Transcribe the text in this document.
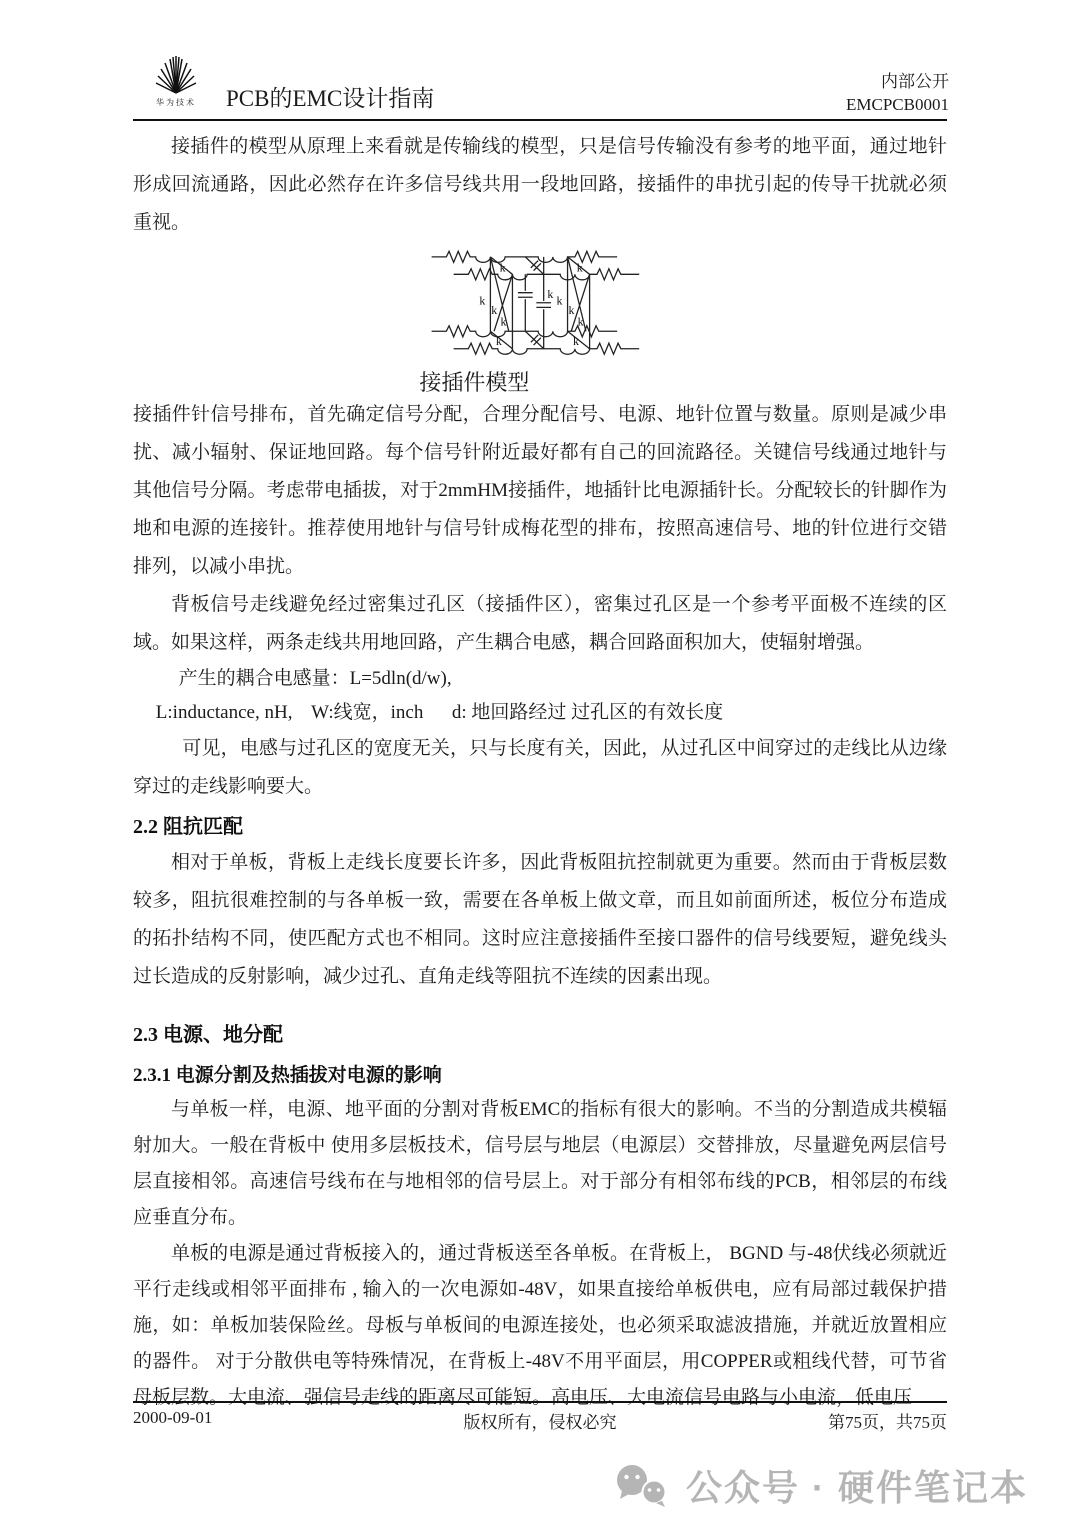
华为技术 PCB的EMC设计指南
内部公开
EMCPCB0001

接插件的模型从原理上来看就是传输线的模型，只是信号传输没有参考的地平面，通过地针形成回流通路，因此必然存在许多信号线共用一段地回路，接插件的串扰引起的传导干扰就必须重视。

k
k
k
k
k
k
k k
k
k
k
接插件模型

接插件针信号排布，首先确定信号分配，合理分配信号、电源、地针位置与数量。原则是减少串扰、减小辐射、保证地回路。每个信号针附近最好都有自己的回流路径。关键信号线通过地针与其他信号分隔。考虑带电插拔，对于2mmHM接插件，地插针比电源插针长。分配较长的针脚作为地和电源的连接针。推荐使用地针与信号针成梅花型的排布，按照高速信号、地的针位进行交错排列，以减小串扰。

背板信号走线避免经过密集过孔区（接插件区），密集过孔区是一个参考平面极不连续的区域。如果这样，两条走线共用地回路，产生耦合电感，耦合回路面积加大，使辐射增强。

产生的耦合电感量：L=5dln(d/w),

L:inductance, nH,    W:线宽，inch      d: 地回路经过 过孔区的有效长度

可见，电感与过孔区的宽度无关，只与长度有关，因此，从过孔区中间穿过的走线比从边缘穿过的走线影响要大。

2.2 阻抗匹配

相对于单板，背板上走线长度要长许多，因此背板阻抗控制就更为重要。然而由于背板层数较多，阻抗很难控制的与各单板一致，需要在各单板上做文章，而且如前面所述，板位分布造成的拓扑结构不同，使匹配方式也不相同。这时应注意接插件至接口器件的信号线要短，避免线头过长造成的反射影响，减少过孔、直角走线等阻抗不连续的因素出现。

2.3 电源、地分配
2.3.1 电源分割及热插拔对电源的影响

与单板一样，电源、地平面的分割对背板EMC的指标有很大的影响。不当的分割造成共模辐射加大。一般在背板中 使用多层板技术，信号层与地层（电源层）交替排放，尽量避免两层信号层直接相邻。高速信号线布在与地相邻的信号层上。对于部分有相邻布线的PCB，相邻层的布线应垂直分布。

单板的电源是通过背板接入的，通过背板送至各单板。在背板上， BGND 与-48伏线必须就近平行走线或相邻平面排布 , 输入的一次电源如-48V，如果直接给单板供电，应有局部过载保护措施，如：单板加装保险丝。母板与单板间的电源连接处，也必须采取滤波措施，并就近放置相应的器件。 对于分散供电等特殊情况，在背板上-48V不用平面层，用COPPER或粗线代替，可节省母板层数。大电流、强信号走线的距离尽可能短。高电压、大电流信号电路与小电流，低电压

2000-09-01	版权所有，侵权必究	第75页，共75页
公众号 · 硬件笔记本
